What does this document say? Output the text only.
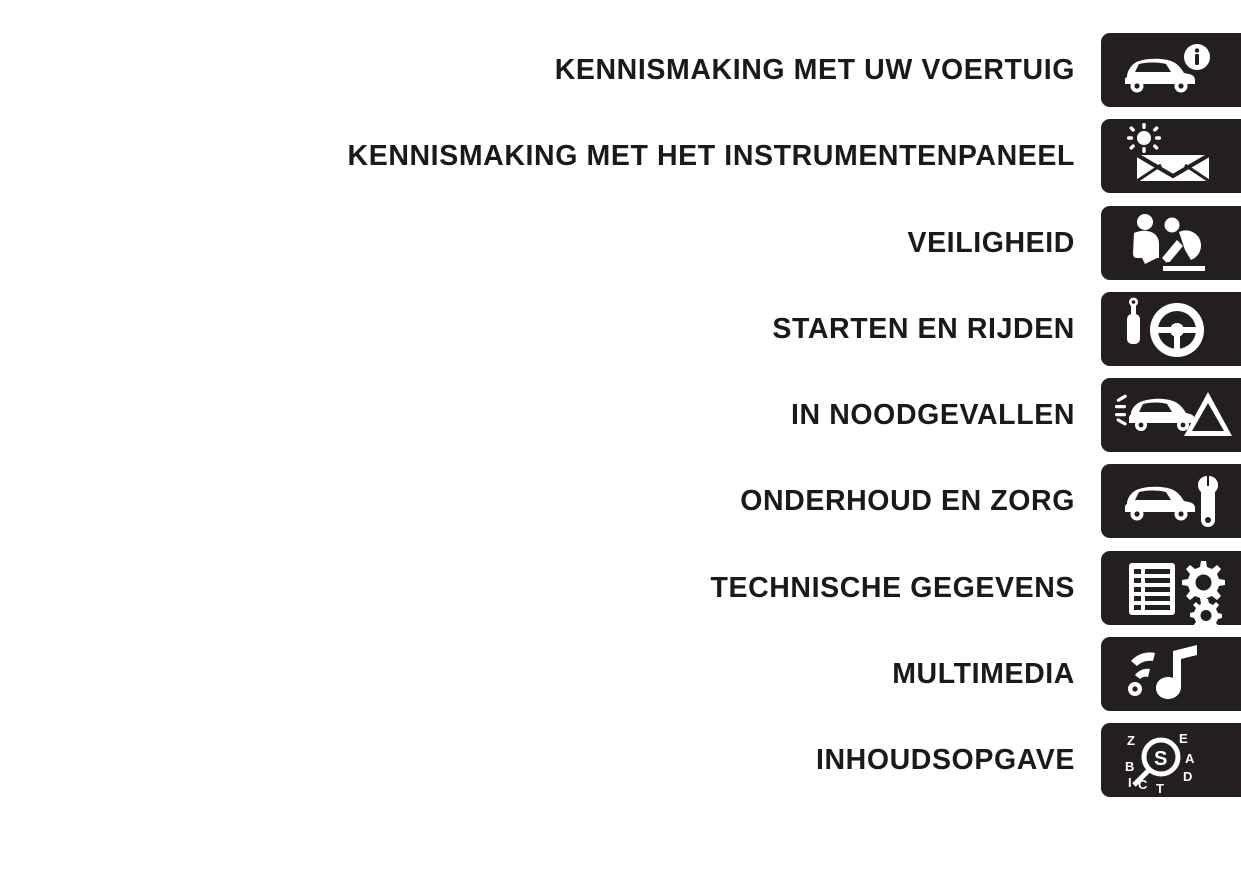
KENNISMAKING MET UW VOERTUIG
KENNISMAKING MET HET INSTRUMENTENPANEEL
VEILIGHEID
STARTEN EN RIJDEN
IN NOODGEVALLEN
ONDERHOUD EN ZORG
TECHNISCHE GEGEVENS
MULTIMEDIA
INHOUDSOPGAVE
Z
B
I C T
E
A
D
S
